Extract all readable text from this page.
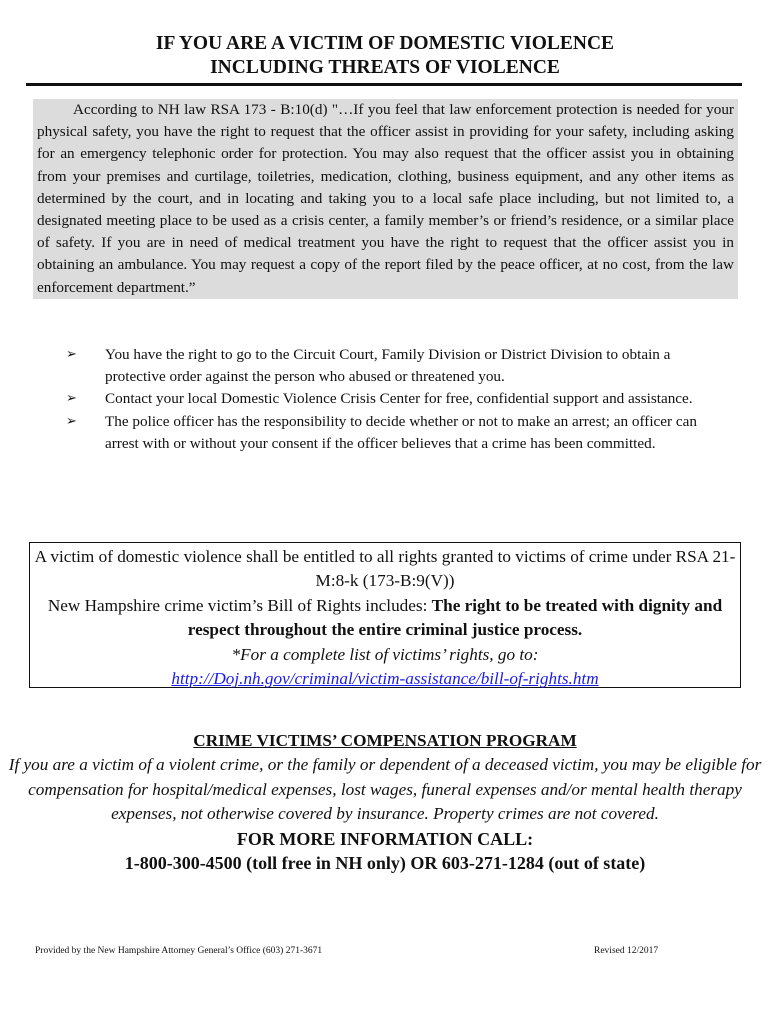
IF YOU ARE A VICTIM OF DOMESTIC VIOLENCE
INCLUDING THREATS OF VIOLENCE
According to NH law RSA 173 - B:10(d) "…If you feel that law enforcement protection is needed for your physical safety, you have the right to request that the officer assist in providing for your safety, including asking for an emergency telephonic order for protection. You may also request that the officer assist you in obtaining from your premises and curtilage, toiletries, medication, clothing, business equipment, and any other items as determined by the court, and in locating and taking you to a local safe place including, but not limited to, a designated meeting place to be used as a crisis center, a family member’s or friend’s residence, or a similar place of safety. If you are in need of medical treatment you have the right to request that the officer assist you in obtaining an ambulance. You may request a copy of the report filed by the peace officer, at no cost, from the law enforcement department.”
➢ You have the right to go to the Circuit Court, Family Division or District Division to obtain a protective order against the person who abused or threatened you.
➢ Contact your local Domestic Violence Crisis Center for free, confidential support and assistance.
➢ The police officer has the responsibility to decide whether or not to make an arrest; an officer can arrest with or without your consent if the officer believes that a crime has been committed.
A victim of domestic violence shall be entitled to all rights granted to victims of crime under RSA 21-M:8-k (173-B:9(V))
New Hampshire crime victim’s Bill of Rights includes: The right to be treated with dignity and respect throughout the entire criminal justice process.
*For a complete list of victims’ rights, go to:
http://Doj.nh.gov/criminal/victim-assistance/bill-of-rights.htm
CRIME VICTIMS’ COMPENSATION PROGRAM
If you are a victim of a violent crime, or the family or dependent of a deceased victim, you may be eligible for compensation for hospital/medical expenses, lost wages, funeral expenses and/or mental health therapy expenses, not otherwise covered by insurance. Property crimes are not covered.
FOR MORE INFORMATION CALL:
1-800-300-4500 (toll free in NH only) OR 603-271-1284 (out of state)
Provided by the New Hampshire Attorney General’s Office (603) 271-3671	Revised 12/2017
